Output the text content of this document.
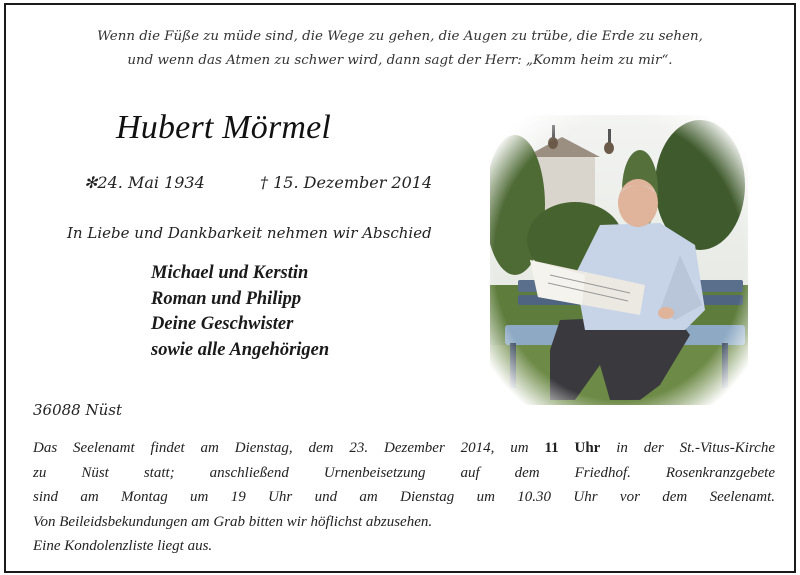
Wenn die Füße zu müde sind, die Wege zu gehen, die Augen zu trübe, die Erde zu sehen,
und wenn das Atmen zu schwer wird, dann sagt der Herr: „Komm heim zu mir“.
Hubert Mörmel
✻24. Mai 1934	† 15. Dezember 2014
In Liebe und Dankbarkeit nehmen wir Abschied
Michael und Kerstin
Roman und Philipp
Deine Geschwister
sowie alle Angehörigen
36088 Nüst
Das Seelenamt findet am Dienstag, dem 23. Dezember 2014, um 11 Uhr in der St.-Vitus-Kirche
zu Nüst statt; anschließend Urnenbeisetzung auf dem Friedhof. Rosenkranzgebete
sind am Montag um 19 Uhr und am Dienstag um 10.30 Uhr vor dem Seelenamt.
Von Beileidsbekundungen am Grab bitten wir höflichst abzusehen.
Eine Kondolenzliste liegt aus.
